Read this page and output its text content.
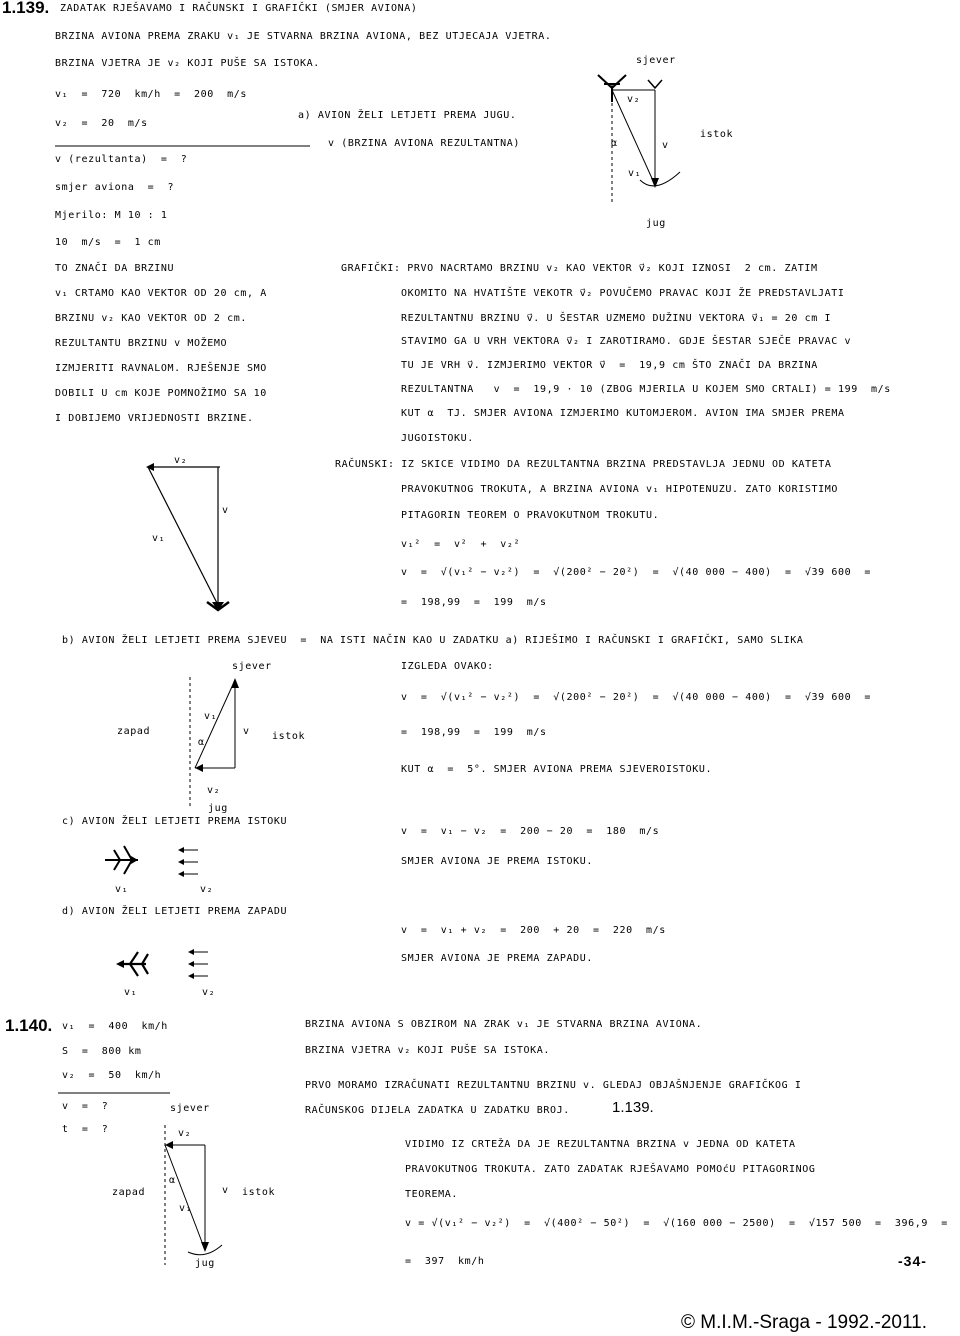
1.139. ZADATAK RJEŠAVAMO I RAČUNSKI I GRAFIČKI (SMJER AVIONA)
BRZINA AVIONA PREMA ZRAKU v₁ JE STVARNA BRZINA AVIONA, BEZ UTJECAJA VJETRA.
BRZINA VJETRA JE v₂ KOJI PUŠE SA ISTOKA.
v₁  =  720  km/h  =  200  m/s
v₂  =  20  m/s
v (rezultanta)  =  ?
smjer aviona  =  ?
a) AVION ŽELI LETJETI PREMA JUGU.
v (BRZINA AVIONA REZULTANTNA)
sjever
istok
jug
v₂
v
v₁
α
Mjerilo: M 10 : 1
10  m/s  =  1 cm
TO ZNAČI DA BRZINU
v₁ CRTAMO KAO VEKTOR OD 20 cm, A
BRZINU v₂ KAO VEKTOR OD 2 cm.
REZULTANTU BRZINU v MOŽEMO
IZMJERITI RAVNALOM. RJEŠENJE SMO
DOBILI U cm KOJE POMNOŽIMO SA 10
I DOBIJEMO VRIJEDNOSTI BRZINE.
GRAFIČKI: PRVO NACRTAMO BRZINU v₂ KAO VEKTOR v⃗₂ KOJI IZNOSI  2 cm. ZATIM
OKOMITO NA HVATIŠTE VEKOTR v⃗₂ POVUČEMO PRAVAC KOJI ŽE PREDSTAVLJATI
REZULTANTNU BRZINU v⃗. U ŠESTAR UZMEMO DUŽINU VEKTORA v⃗₁ = 20 cm I
STAVIMO GA U VRH VEKTORA v⃗₂ I ZAROTIRAMO. GDJE ŠESTAR SJEČE PRAVAC v
TU JE VRH v⃗. IZMJERIMO VEKTOR v⃗  =  19,9 cm ŠTO ZNAČI DA BRZINA
REZULTANTNA   v  =  19,9 · 10 (ZBOG MJERILA U KOJEM SMO CRTALI) = 199  m/s
KUT α  TJ. SMJER AVIONA IZMJERIMO KUTOMJEROM. AVION IMA SMJER PREMA
JUGOISTOKU.
v₂
v
v₁
RAČUNSKI: IZ SKICE VIDIMO DA REZULTANTNA BRZINA PREDSTAVLJA JEDNU OD KATETA
PRAVOKUTNOG TROKUTA, A BRZINA AVIONA v₁ HIPOTENUZU. ZATO KORISTIMO
PITAGORIN TEOREM O PRAVOKUTNOM TROKUTU.
v₁²  =  v²  +  v₂²
v  =  √(v₁² − v₂²)  =  √(200² − 20²)  =  √(40 000 − 400)  =  √39 600  =
=  198,99  =  199  m/s
b) AVION ŽELI LETJETI PREMA SJEVEU  =  NA ISTI NAČIN KAO U ZADATKU a) RIJEŠIMO I RAČUNSKI I GRAFIČKI, SAMO SLIKA
IZGLEDA OVAKO:
sjever
zapad	istok
v₁
v
α
v₂
jug
v  =  √(v₁² − v₂²)  =  √(200² − 20²)  =  √(40 000 − 400)  =  √39 600  =
=  198,99  =  199  m/s
KUT α  =  5°. SMJER AVIONA PREMA SJEVEROISTOKU.
c) AVION ŽELI LETJETI PREMA ISTOKU
v  =  v₁ − v₂  =  200 − 20  =  180  m/s
SMJER AVIONA JE PREMA ISTOKU.
v₁	v₂
d) AVION ŽELI LETJETI PREMA ZAPADU
v  =  v₁ + v₂  =  200  + 20  =  220  m/s
SMJER AVIONA JE PREMA ZAPADU.
v₁	v₂
1.140. v₁  =  400  km/h
S  =  800 km
v₂  =  50  km/h
v  =  ?
t  =  ?
BRZINA AVIONA S OBZIROM NA ZRAK v₁ JE STVARNA BRZINA AVIONA.
BRZINA VJETRA v₂ KOJI PUŠE SA ISTOKA.
PRVO MORAMO IZRAČUNATI REZULTANTNU BRZINU v. GLEDAJ OBJAŠNJENJE GRAFIČKOG I
RAČUNSKOG DIJELA ZADATKA U ZADATKU BROJ.	1.139.
VIDIMO IZ CRTEŽA DA JE REZULTANTNA BRZINA v JEDNA OD KATETA
PRAVOKUTNOG TROKUTA. ZATO ZADATAK RJEŠAVAMO POMOćU PITAGORINOG
TEOREMA.
v = √(v₁² − v₂²)  =  √(400² − 50²)  =  √(160 000 − 2500)  =  √157 500  =  396,9  =
=  397  km/h
sjever
zapad	istok
v₂
v
v₁
α
jug	-34-
© M.I.M.-Sraga - 1992.-2011.
